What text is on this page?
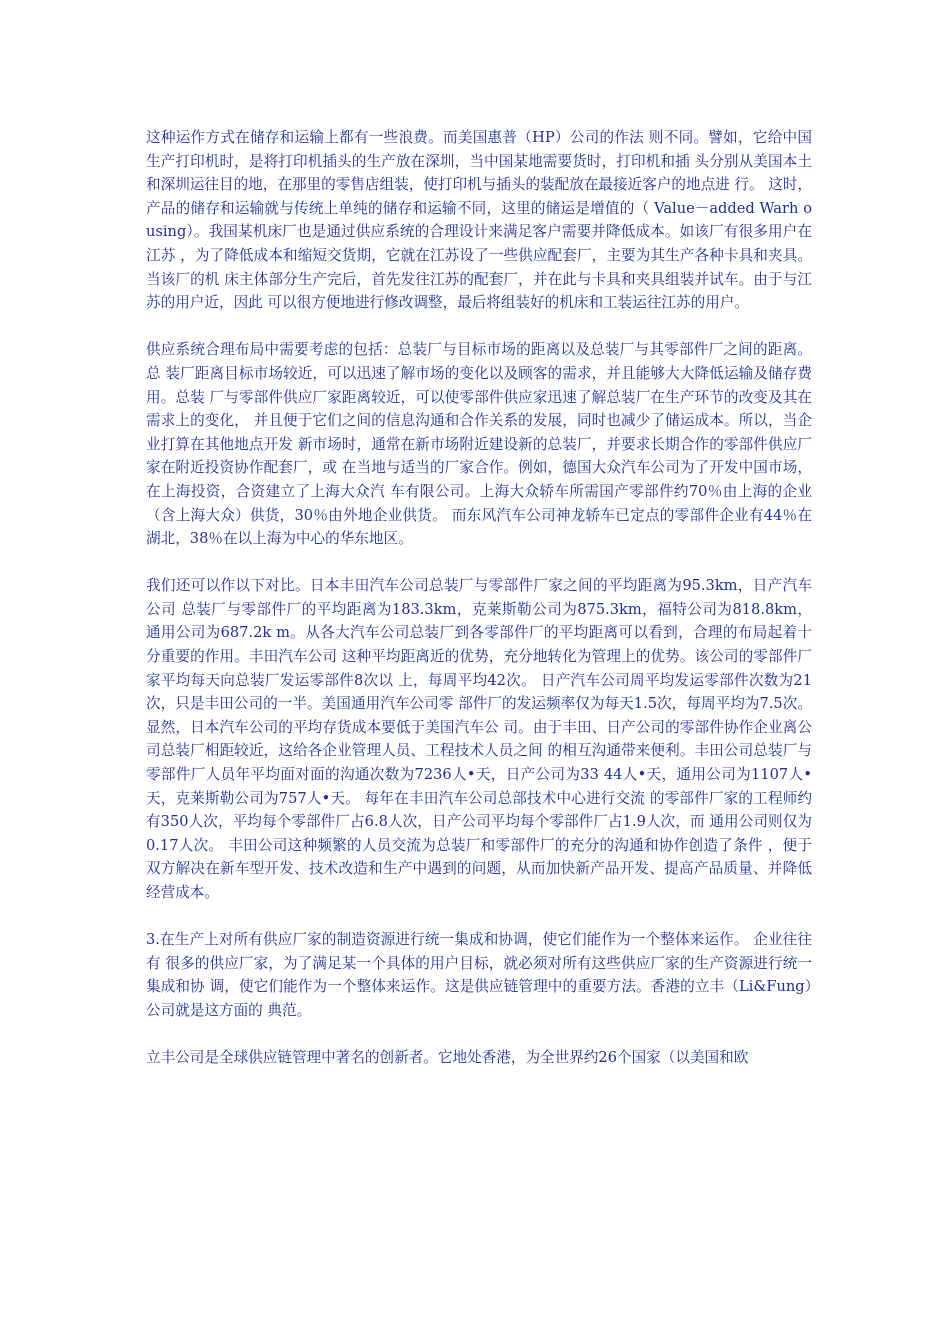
这种运作方式在储存和运输上都有一些浪费。而美国惠普（HP）公司的作法 则不同。譬如，它给中国生产打印机时，是将打印机插头的生产放在深圳，当中国某地需要货时，打印机和插 头分别从美国本土和深圳运往目的地，在那里的零售店组装，使打印机与插头的装配放在最接近客户的地点进 行。 这时，产品的储存和运输就与传统上单纯的储存和运输不同，这里的储运是增值的（ Value－added Warh ousing）。我国某机床厂也是通过供应系统的合理设计来满足客户需要并降低成本。如该厂有很多用户在江苏 ，为了降低成本和缩短交货期，它就在江苏设了一些供应配套厂，主要为其生产各种卡具和夹具。当该厂的机 床主体部分生产完后，首先发往江苏的配套厂，并在此与卡具和夹具组装并试车。由于与江苏的用户近，因此 可以很方便地进行修改调整，最后将组装好的机床和工装运往江苏的用户。

供应系统合理布局中需要考虑的包括：总装厂与目标市场的距离以及总装厂与其零部件厂之间的距离。总 装厂距离目标市场较近，可以迅速了解市场的变化以及顾客的需求，并且能够大大降低运输及储存费用。总装 厂与零部件供应厂家距离较近，可以使零部件供应家迅速了解总装厂在生产环节的改变及其在需求上的变化， 并且便于它们之间的信息沟通和合作关系的发展，同时也减少了储运成本。所以，当企业打算在其他地点开发 新市场时，通常在新市场附近建设新的总装厂，并要求长期合作的零部件供应厂家在附近投资协作配套厂，或 在当地与适当的厂家合作。例如，德国大众汽车公司为了开发中国市场，在上海投资，合资建立了上海大众汽 车有限公司。上海大众轿车所需国产零部件约70％由上海的企业（含上海大众）供货，30％由外地企业供货。 而东风汽车公司神龙轿车已定点的零部件企业有44％在湖北，38％在以上海为中心的华东地区。

我们还可以作以下对比。日本丰田汽车公司总装厂与零部件厂家之间的平均距离为95.3km，日产汽车公司 总装厂与零部件厂的平均距离为183.3km，克莱斯勒公司为875.3km，福特公司为818.8km， 通用公司为687.2k m。从各大汽车公司总装厂到各零部件厂的平均距离可以看到，合理的布局起着十分重要的作用。丰田汽车公司 这种平均距离近的优势，充分地转化为管理上的优势。该公司的零部件厂家平均每天向总装厂发运零部件8次以 上，每周平均42次。 日产汽车公司周平均发运零部件次数为21次，只是丰田公司的一半。美国通用汽车公司零 部件厂的发运频率仅为每天1.5次，每周平均为7.5次。显然，日本汽车公司的平均存货成本要低于美国汽车公 司。由于丰田、日产公司的零部件协作企业离公司总装厂相距较近，这给各企业管理人员、工程技术人员之间 的相互沟通带来便利。丰田公司总装厂与零部件厂人员年平均面对面的沟通次数为7236人•天，日产公司为33 44人•天，通用公司为1107人•天，克莱斯勒公司为757人•天。 每年在丰田汽车公司总部技术中心进行交流 的零部件厂家的工程师约有350人次，平均每个零部件厂占6.8人次，日产公司平均每个零部件厂占1.9人次，而 通用公司则仅为0.17人次。 丰田公司这种频繁的人员交流为总装厂和零部件厂的充分的沟通和协作创造了条件 ，便于双方解决在新车型开发、技术改造和生产中遇到的问题，从而加快新产品开发、提高产品质量、并降低 经营成本。

3.在生产上对所有供应厂家的制造资源进行统一集成和协调，使它们能作为一个整体来运作。 企业往往有 很多的供应厂家，为了满足某一个具体的用户目标，就必须对所有这些供应厂家的生产资源进行统一集成和协 调，使它们能作为一个整体来运作。这是供应链管理中的重要方法。香港的立丰（Li&Fung）公司就是这方面的 典范。

立丰公司是全球供应链管理中著名的创新者。它地处香港，为全世界约26个国家（以美国和欧
